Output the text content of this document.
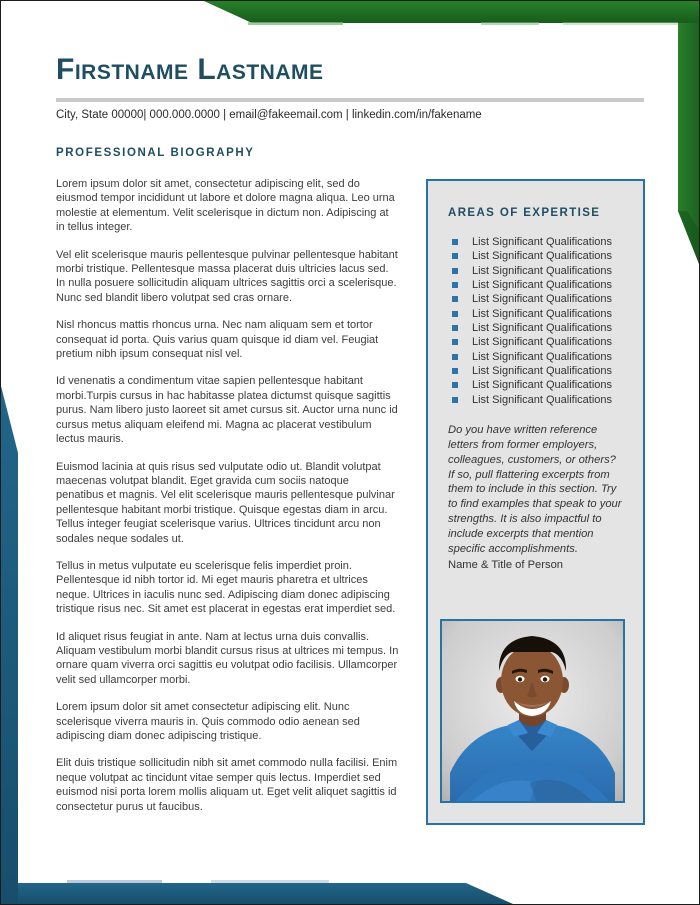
Firstname Lastname
City, State 00000| 000.000.0000 | email@fakeemail.com | linkedin.com/in/fakename
PROFESSIONAL BIOGRAPHY

Lorem ipsum dolor sit amet, consectetur adipiscing elit, sed do eiusmod tempor incididunt ut labore et dolore magna aliqua. Leo urna molestie at elementum. Velit scelerisque in dictum non. Adipiscing at in tellus integer.

Vel elit scelerisque mauris pellentesque pulvinar pellentesque habitant morbi tristique. Pellentesque massa placerat duis ultricies lacus sed. In nulla posuere sollicitudin aliquam ultrices sagittis orci a scelerisque. Nunc sed blandit libero volutpat sed cras ornare.

Nisl rhoncus mattis rhoncus urna. Nec nam aliquam sem et tortor consequat id porta. Quis varius quam quisque id diam vel. Feugiat pretium nibh ipsum consequat nisl vel.

Id venenatis a condimentum vitae sapien pellentesque habitant morbi.Turpis cursus in hac habitasse platea dictumst quisque sagittis purus. Nam libero justo laoreet sit amet cursus sit. Auctor urna nunc id cursus metus aliquam eleifend mi. Magna ac placerat vestibulum lectus mauris.

Euismod lacinia at quis risus sed vulputate odio ut. Blandit volutpat maecenas volutpat blandit. Eget gravida cum sociis natoque penatibus et magnis. Vel elit scelerisque mauris pellentesque pulvinar pellentesque habitant morbi tristique. Quisque egestas diam in arcu. Tellus integer feugiat scelerisque varius. Ultrices tincidunt arcu non sodales neque sodales ut.

Tellus in metus vulputate eu scelerisque felis imperdiet proin. Pellentesque id nibh tortor id. Mi eget mauris pharetra et ultrices neque. Ultrices in iaculis nunc sed. Adipiscing diam donec adipiscing tristique risus nec. Sit amet est placerat in egestas erat imperdiet sed.

Id aliquet risus feugiat in ante. Nam at lectus urna duis convallis. Aliquam vestibulum morbi blandit cursus risus at ultrices mi tempus. In ornare quam viverra orci sagittis eu volutpat odio facilisis. Ullamcorper velit sed ullamcorper morbi.

Lorem ipsum dolor sit amet consectetur adipiscing elit. Nunc scelerisque viverra mauris in. Quis commodo odio aenean sed adipiscing diam donec adipiscing tristique.

Elit duis tristique sollicitudin nibh sit amet commodo nulla facilisi. Enim neque volutpat ac tincidunt vitae semper quis lectus. Imperdiet sed euismod nisi porta lorem mollis aliquam ut. Eget velit aliquet sagittis id consectetur purus ut faucibus.

AREAS OF EXPERTISE
List Significant Qualifications
List Significant Qualifications
List Significant Qualifications
List Significant Qualifications
List Significant Qualifications
List Significant Qualifications
List Significant Qualifications
List Significant Qualifications
List Significant Qualifications
List Significant Qualifications
List Significant Qualifications
List Significant Qualifications

Do you have written reference letters from former employers, colleagues, customers, or others? If so, pull flattering excerpts from them to include in this section. Try to find examples that speak to your strengths. It is also impactful to include excerpts that mention specific accomplishments.

Name & Title of Person
